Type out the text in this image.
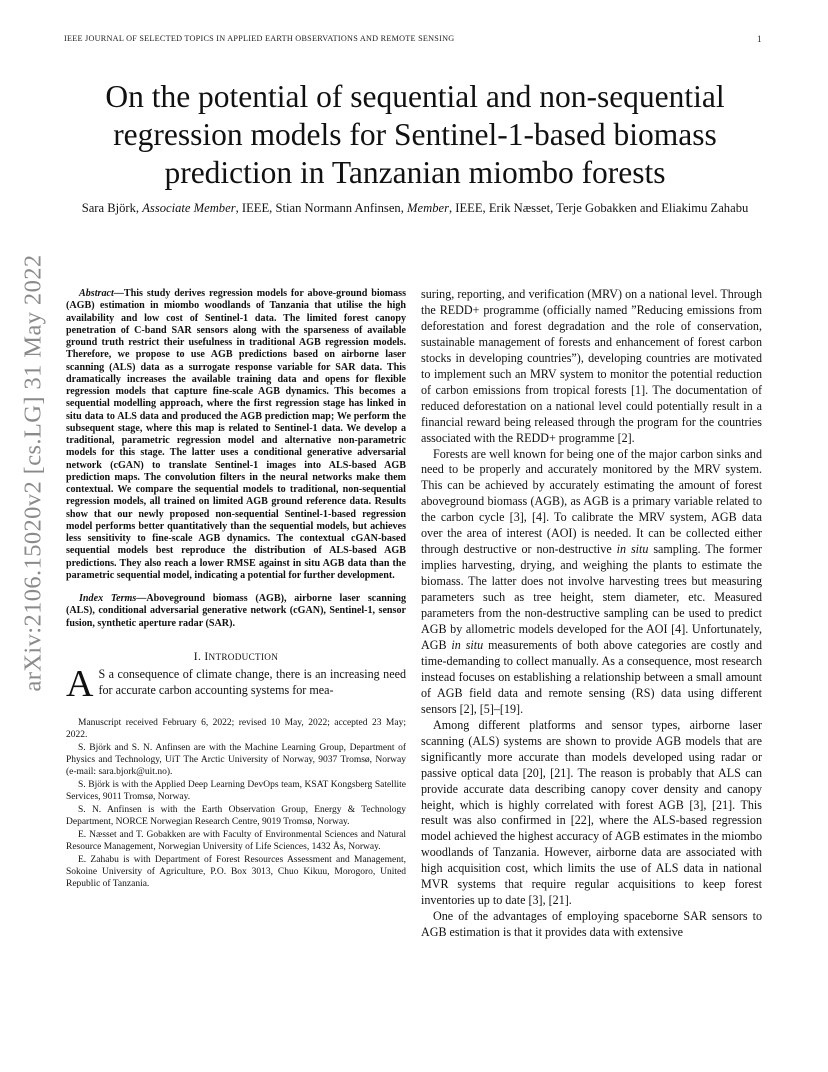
IEEE JOURNAL OF SELECTED TOPICS IN APPLIED EARTH OBSERVATIONS AND REMOTE SENSING	1
arXiv:2106.15020v2 [cs.LG] 31 May 2022
On the potential of sequential and non-sequential regression models for Sentinel-1-based biomass prediction in Tanzanian miombo forests

Sara Björk, Associate Member, IEEE, Stian Normann Anfinsen, Member, IEEE, Erik Næsset, Terje Gobakken and Eliakimu Zahabu

Abstract—This study derives regression models for above-ground biomass (AGB) estimation in miombo woodlands of Tanzania that utilise the high availability and low cost of Sentinel-1 data. The limited forest canopy penetration of C-band SAR sensors along with the sparseness of available ground truth restrict their usefulness in traditional AGB regression models. Therefore, we propose to use AGB predictions based on airborne laser scanning (ALS) data as a surrogate response variable for SAR data. This dramatically increases the available training data and opens for flexible regression models that capture fine-scale AGB dynamics. This becomes a sequential modelling approach, where the first regression stage has linked in situ data to ALS data and produced the AGB prediction map; We perform the subsequent stage, where this map is related to Sentinel-1 data. We develop a traditional, parametric regression model and alternative non-parametric models for this stage. The latter uses a conditional generative adversarial network (cGAN) to translate Sentinel-1 images into ALS-based AGB prediction maps. The convolution filters in the neural networks make them contextual. We compare the sequential models to traditional, non-sequential regression models, all trained on limited AGB ground reference data. Results show that our newly proposed non-sequential Sentinel-1-based regression model performs better quantitatively than the sequential models, but achieves less sensitivity to fine-scale AGB dynamics. The contextual cGAN-based sequential models best reproduce the distribution of ALS-based AGB predictions. They also reach a lower RMSE against in situ AGB data than the parametric sequential model, indicating a potential for further development.

Index Terms—Aboveground biomass (AGB), airborne laser scanning (ALS), conditional adversarial generative network (cGAN), Sentinel-1, sensor fusion, synthetic aperture radar (SAR).

I. INTRODUCTION

A S a consequence of climate change, there is an increasing need for accurate carbon accounting systems for mea-

Manuscript received February 6, 2022; revised 10 May, 2022; accepted 23 May; 2022.

S. Björk and S. N. Anfinsen are with the Machine Learning Group, Department of Physics and Technology, UiT The Arctic University of Norway, 9037 Tromsø, Norway (e-mail: sara.bjork@uit.no).

S. Björk is with the Applied Deep Learning DevOps team, KSAT Kongsberg Satellite Services, 9011 Tromsø, Norway.

S. N. Anfinsen is with the Earth Observation Group, Energy & Technology Department, NORCE Norwegian Research Centre, 9019 Tromsø, Norway.

E. Næsset and T. Gobakken are with Faculty of Environmental Sciences and Natural Resource Management, Norwegian University of Life Sciences, 1432 Ås, Norway.

E. Zahabu is with Department of Forest Resources Assessment and Management, Sokoine University of Agriculture, P.O. Box 3013, Chuo Kikuu, Morogoro, United Republic of Tanzania.

suring, reporting, and verification (MRV) on a national level. Through the REDD+ programme (officially named ”Reducing emissions from deforestation and forest degradation and the role of conservation, sustainable management of forests and enhancement of forest carbon stocks in developing countries”), developing countries are motivated to implement such an MRV system to monitor the potential reduction of carbon emissions from tropical forests [1]. The documentation of reduced deforestation on a national level could potentially result in a financial reward being released through the program for the countries associated with the REDD+ programme [2].

Forests are well known for being one of the major carbon sinks and need to be properly and accurately monitored by the MRV system. This can be achieved by accurately estimating the amount of forest aboveground biomass (AGB), as AGB is a primary variable related to the carbon cycle [3], [4]. To calibrate the MRV system, AGB data over the area of interest (AOI) is needed. It can be collected either through destructive or non-destructive in situ sampling. The former implies harvesting, drying, and weighing the plants to estimate the biomass. The latter does not involve harvesting trees but measuring parameters such as tree height, stem diameter, etc. Measured parameters from the non-destructive sampling can be used to predict AGB by allometric models developed for the AOI [4]. Unfortunately, AGB in situ measurements of both above categories are costly and time-demanding to collect manually. As a consequence, most research instead focuses on establishing a relationship between a small amount of AGB field data and remote sensing (RS) data using different sensors [2], [5]–[19].

Among different platforms and sensor types, airborne laser scanning (ALS) systems are shown to provide AGB models that are significantly more accurate than models developed using radar or passive optical data [20], [21]. The reason is probably that ALS can provide accurate data describing canopy cover density and canopy height, which is highly correlated with forest AGB [3], [21]. This result was also confirmed in [22], where the ALS-based regression model achieved the highest accuracy of AGB estimates in the miombo woodlands of Tanzania. However, airborne data are associated with high acquisition cost, which limits the use of ALS data in national MVR systems that require regular acquisitions to keep forest inventories up to date [3], [21].

One of the advantages of employing spaceborne SAR sensors to AGB estimation is that it provides data with extensive
